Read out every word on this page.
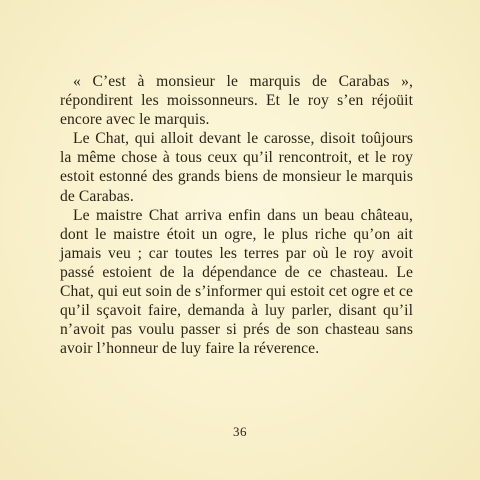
« C’est à monsieur le marquis de Carabas », répondirent les moissonneurs. Et le roy s’en réjoüit encore avec le marquis.

Le Chat, qui alloit devant le carosse, disoit toûjours la même chose à tous ceux qu’il rencontroit, et le roy estoit estonné des grands biens de monsieur le marquis de Carabas.

Le maistre Chat arriva enfin dans un beau château, dont le maistre étoit un ogre, le plus riche qu’on ait jamais veu ; car toutes les terres par où le roy avoit passé estoient de la dépendance de ce chasteau. Le Chat, qui eut soin de s’informer qui estoit cet ogre et ce qu’il sçavoit faire, demanda à luy parler, disant qu’il n’avoit pas voulu passer si prés de son chasteau sans avoir l’honneur de luy faire la réverence.

36
